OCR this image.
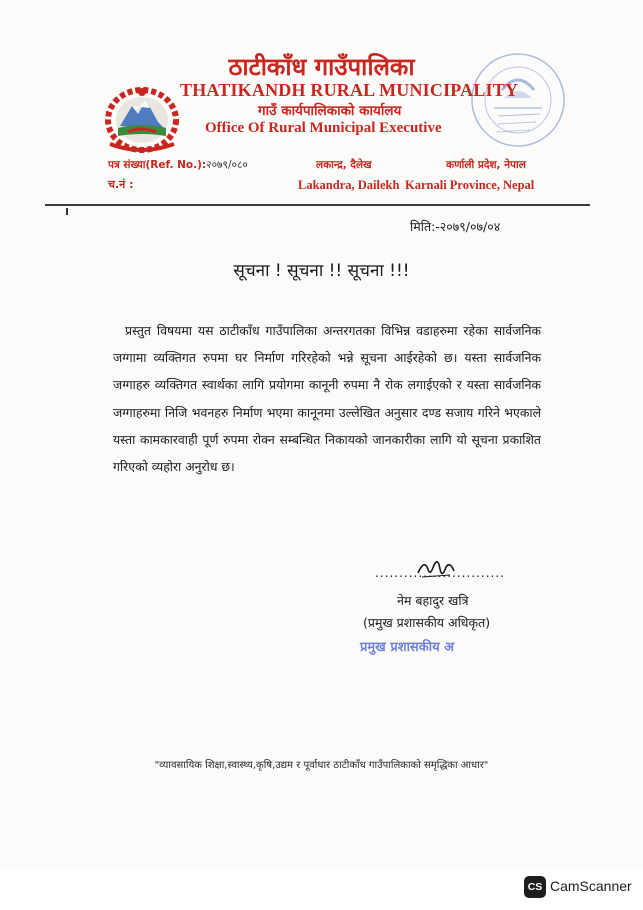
ठाटीकाँध गाउँपालिका
THATIKANDH RURAL MUNICIPALITY
गाउँ कार्यपालिकाको कार्यालय
Office Of Rural Municipal Executive
पत्र संख्या(Ref. No.):२०७९/०८०
च.नं :
लकान्द्र, दैलेख
Lakandra, Dailekh
कर्णाली प्रदेश, नेपाल
Karnali Province, Nepal
मिति:-२०७९/०७/०४
सूचना ! सूचना !! सूचना !!!

प्रस्तुत विषयमा यस ठाटीकाँध गाउँपालिका अन्तरगतका विभिन्न वडाहरुमा रहेका सार्वजनिक जग्गामा व्यक्तिगत रुपमा घर निर्माण गरिरहेको भन्ने सूचना आईरहेको छ। यस्ता सार्वजनिक जग्गाहरु व्यक्तिगत स्वार्थका लागि प्रयोगमा कानूनी रुपमा नै रोक लगाईएको र यस्ता सार्वजनिक जग्गाहरुमा निजि भवनहरु निर्माण भएमा कानूनमा उल्लेखित अनुसार दण्ड सजाय गरिने भएकाले यस्ता कामकारवाही पूर्ण रुपमा रोक्न सम्बन्धित निकायको जानकारीका लागि यो सूचना प्रकाशित गरिएको व्यहोरा अनुरोध छ।

...........................
नेम बहादुर खत्रि
(प्रमुख प्रशासकीय अधिकृत)
प्रमुख प्रशासकीय अ
"व्यावसायिक शिक्षा,स्वास्थ्य,कृषि,उद्यम र पूर्वाधार ठाटीकाँध गाउँपालिकाको समृद्धिका आधार"
CS CamScanner
